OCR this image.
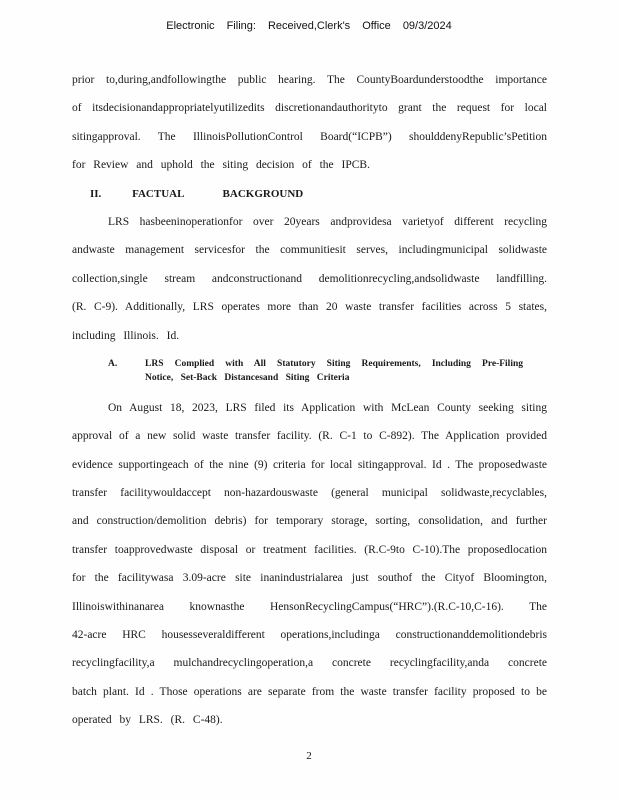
Electronic Filing: Received,Clerk's Office 09/3/2024
prior to,during,andfollowingthe public hearing. The CountyBoardunderstoodthe importance
of itsdecisionandappropriatelyutilizedits discretionandauthorityto grant the request for local
sitingapproval. The IllinoisPollutionControl Board(“ICPB”) shoulddenyRepublic’sPetition
for Review and uphold the siting decision of the IPCB.
II.	FACTUAL BACKGROUND
LRS hasbeeninoperationfor over 20years andprovidesa varietyof different recycling
andwaste management servicesfor the communitiesit serves, includingmunicipal solidwaste
collection,single stream andconstructionand demolitionrecycling,andsolidwaste landfilling.
(R. C-9). Additionally, LRS operates more than 20 waste transfer facilities across 5 states,
including Illinois. Id.
A.	LRS Complied with All Statutory Siting Requirements, Including Pre-Filing
Notice, Set-Back Distancesand Siting Criteria
On August 18, 2023, LRS filed its Application with McLean County seeking siting
approval of a new solid waste transfer facility. (R. C-1 to C-892). The Application provided
evidence supportingeach of the nine (9) criteria for local sitingapproval. Id . The proposedwaste
transfer facilitywouldaccept non-hazardouswaste (general municipal solidwaste,recyclables,
and construction/demolition debris) for temporary storage, sorting, consolidation, and further
transfer toapprovedwaste disposal or treatment facilities. (R.C-9to C-10).The proposedlocation
for the facilitywasa 3.09-acre site inanindustrialarea just southof the Cityof Bloomington,
Illinoiswithinanarea knownasthe HensonRecyclingCampus(“HRC”).(R.C-10,C-16). The
42-acre HRC housesseveraldifferent operations,includinga constructionanddemolitiondebris
recyclingfacility,a mulchandrecyclingoperation,a concrete recyclingfacility,anda concrete
batch plant. Id . Those operations are separate from the waste transfer facility proposed to be
operated by LRS. (R. C-48).
2
